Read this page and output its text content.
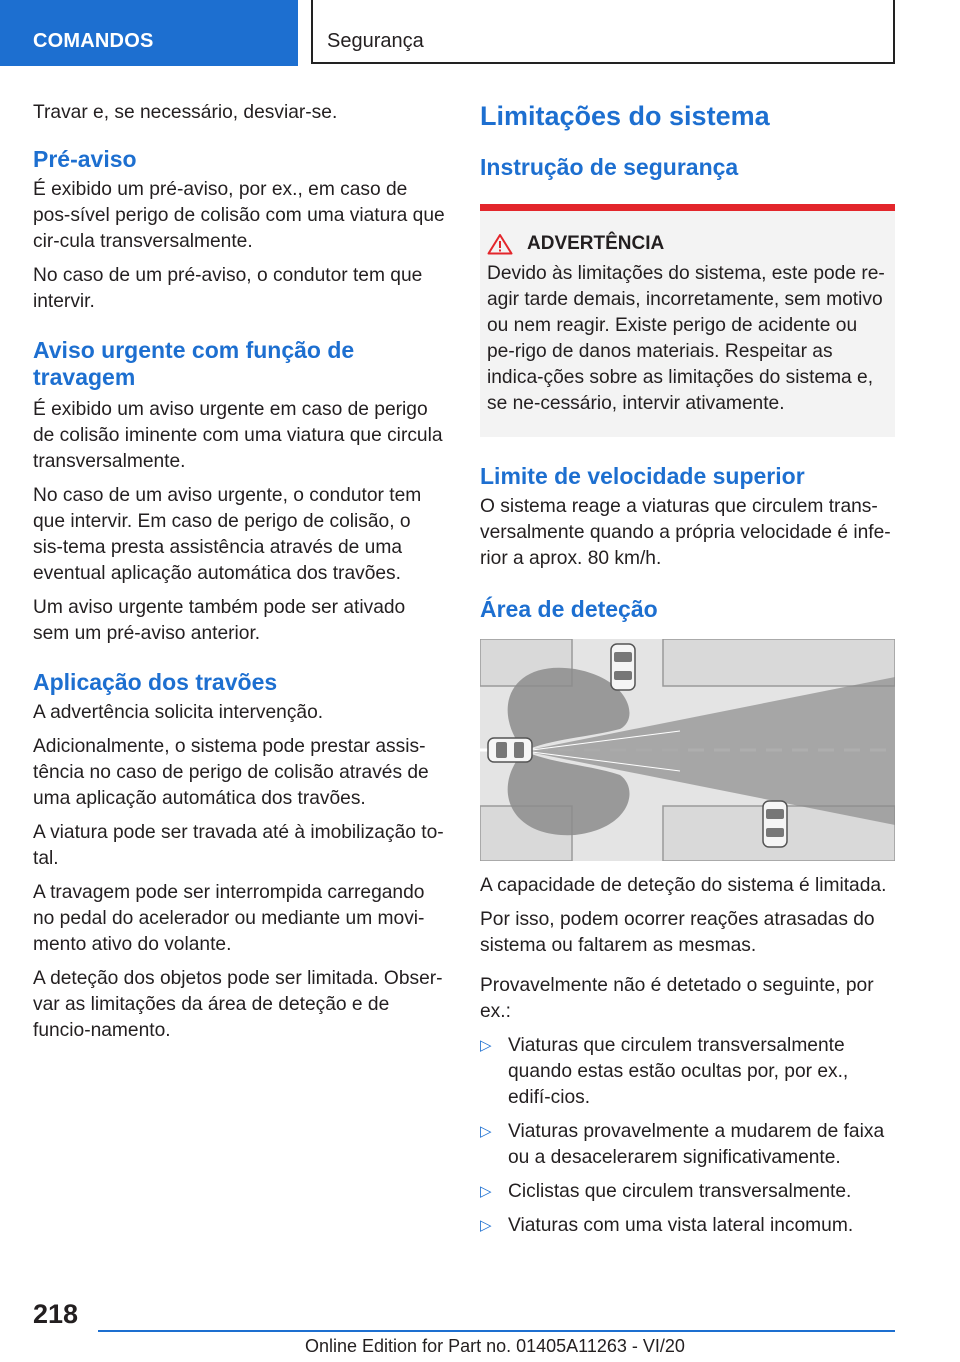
COMANDOS	Segurança

Travar e, se necessário, desviar-se.

Pré-aviso

É exibido um pré-aviso, por ex., em caso de pos-sível perigo de colisão com uma viatura que cir-cula transversalmente.

No caso de um pré-aviso, o condutor tem que intervir.

Aviso urgente com função de travagem

É exibido um aviso urgente em caso de perigo de colisão iminente com uma viatura que circula transversalmente.

No caso de um aviso urgente, o condutor tem que intervir. Em caso de perigo de colisão, o sis-tema presta assistência através de uma eventual aplicação automática dos travões.

Um aviso urgente também pode ser ativado sem um pré-aviso anterior.

Aplicação dos travões

A advertência solicita intervenção.

Adicionalmente, o sistema pode prestar assis-tência no caso de perigo de colisão através de uma aplicação automática dos travões.

A viatura pode ser travada até à imobilização to-tal.

A travagem pode ser interrompida carregando no pedal do acelerador ou mediante um movi-mento ativo do volante.

A deteção dos objetos pode ser limitada. Obser-var as limitações da área de deteção e de funcio-namento.

Limitações do sistema
Instrução de segurança
ADVERTÊNCIA

Devido às limitações do sistema, este pode re-agir tarde demais, incorretamente, sem motivo ou nem reagir. Existe perigo de acidente ou pe-rigo de danos materiais. Respeitar as indica-ções sobre as limitações do sistema e, se ne-cessário, intervir ativamente.

Limite de velocidade superior

O sistema reage a viaturas que circulem trans-versalmente quando a própria velocidade é infe-rior a aprox. 80 km/h.

Área de deteção

A capacidade de deteção do sistema é limitada.

Por isso, podem ocorrer reações atrasadas do sistema ou faltarem as mesmas.

Provavelmente não é detetado o seguinte, por ex.:

▷ Viaturas que circulem transversalmente quando estas estão ocultas por, por ex., edifí-cios.
▷ Viaturas provavelmente a mudarem de faixa ou a desacelerarem significativamente.
▷ Ciclistas que circulem transversalmente.
▷ Viaturas com uma vista lateral incomum.
218
Online Edition for Part no. 01405A11263 - VI/20
